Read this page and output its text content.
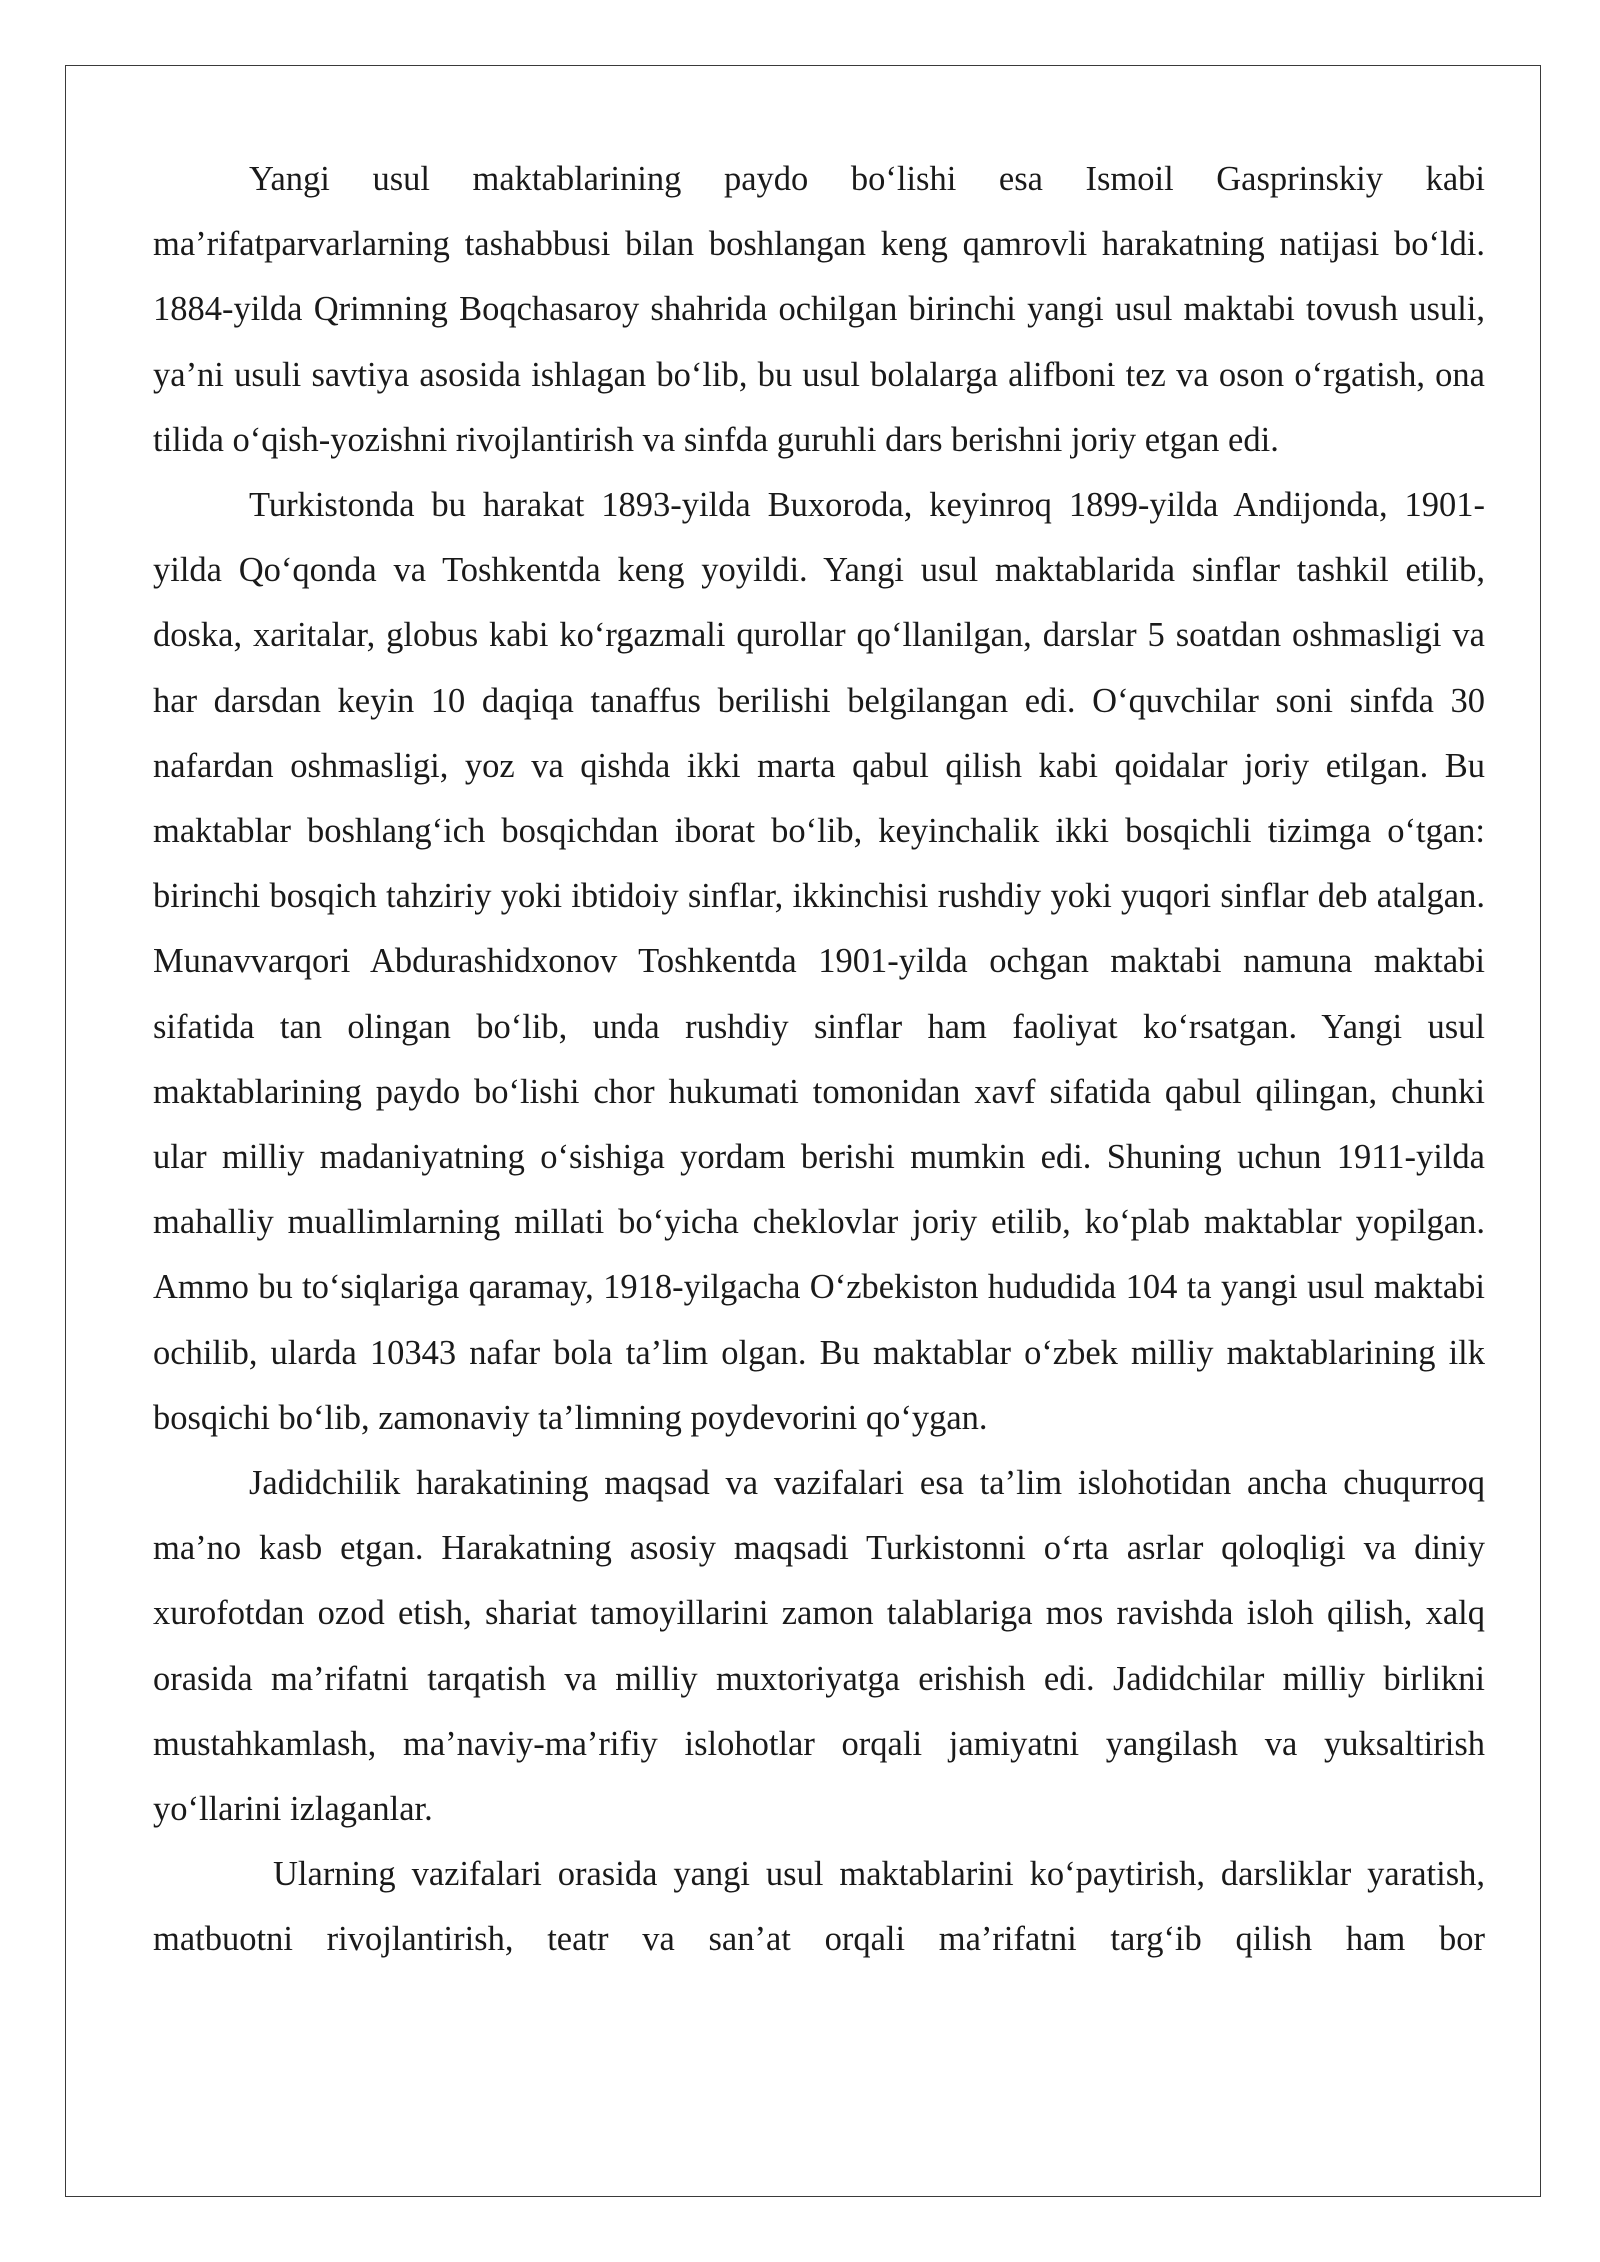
Yangi usul maktablarining paydo bo‘lishi esa Ismoil Gasprinskiy kabi ma’rifatparvarlarning tashabbusi bilan boshlangan keng qamrovli harakatning natijasi bo‘ldi. 1884-yilda Qrimning Boqchasaroy shahrida ochilgan birinchi yangi usul maktabi tovush usuli, ya’ni usuli savtiya asosida ishlagan bo‘lib, bu usul bolalarga alifboni tez va oson o‘rgatish, ona tilida o‘qish-yozishni rivojlantirish va sinfda guruhli dars berishni joriy etgan edi.

Turkistonda bu harakat 1893-yilda Buxoroda, keyinroq 1899-yilda Andijonda, 1901-yilda Qo‘qonda va Toshkentda keng yoyildi. Yangi usul maktablarida sinflar tashkil etilib, doska, xaritalar, globus kabi ko‘rgazmali qurollar qo‘llanilgan, darslar 5 soatdan oshmasligi va har darsdan keyin 10 daqiqa tanaffus berilishi belgilangan edi. O‘quvchilar soni sinfda 30 nafardan oshmasligi, yoz va qishda ikki marta qabul qilish kabi qoidalar joriy etilgan. Bu maktablar boshlang‘ich bosqichdan iborat bo‘lib, keyinchalik ikki bosqichli tizimga o‘tgan: birinchi bosqich tahziriy yoki ibtidoiy sinflar, ikkinchisi rushdiy yoki yuqori sinflar deb atalgan. Munavvarqori Abdurashidxonov Toshkentda 1901-yilda ochgan maktabi namuna maktabi sifatida tan olingan bo‘lib, unda rushdiy sinflar ham faoliyat ko‘rsatgan. Yangi usul maktablarining paydo bo‘lishi chor hukumati tomonidan xavf sifatida qabul qilingan, chunki ular milliy madaniyatning o‘sishiga yordam berishi mumkin edi. Shuning uchun 1911-yilda mahalliy muallimlarning millati bo‘yicha cheklovlar joriy etilib, ko‘plab maktablar yopilgan. Ammo bu to‘siqlariga qaramay, 1918-yilgacha O‘zbekiston hududida 104 ta yangi usul maktabi ochilib, ularda 10343 nafar bola ta’lim olgan. Bu maktablar o‘zbek milliy maktablarining ilk bosqichi bo‘lib, zamonaviy ta’limning poydevorini qo‘ygan.

Jadidchilik harakatining maqsad va vazifalari esa ta’lim islohotidan ancha chuqurroq ma’no kasb etgan. Harakatning asosiy maqsadi Turkistonni o‘rta asrlar qoloqligi va diniy xurofotdan ozod etish, shariat tamoyillarini zamon talablariga mos ravishda isloh qilish, xalq orasida ma’rifatni tarqatish va milliy muxtoriyatga erishish edi. Jadidchilar milliy birlikni mustahkamlash, ma’naviy-ma’rifiy islohotlar orqali jamiyatni yangilash va yuksaltirish yo‘llarini izlaganlar.

Ularning vazifalari orasida yangi usul maktablarini ko‘paytirish, darsliklar yaratish, matbuotni rivojlantirish, teatr va san’at orqali ma’rifatni targ‘ib qilish ham bor
